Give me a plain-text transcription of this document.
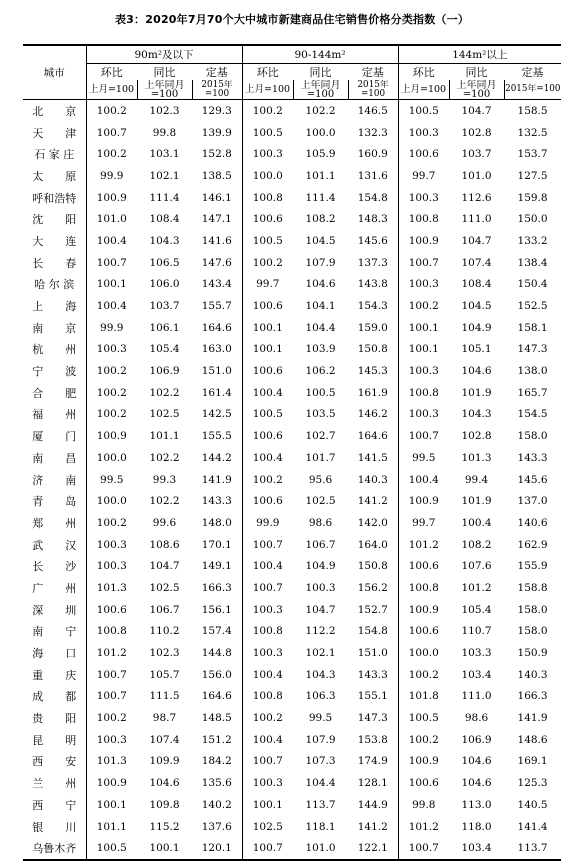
表3：2020年7月70个大中城市新建商品住宅销售价格分类指数（一）
城市	90m²及以下			90-144m²			144m²以上		
	环比	同比	定基	环比	同比	定基	环比	同比	定基
	上月=100	上年同月=100	2015年=100	上月=100	上年同月=100	2015年=100	上月=100	上年同月=100	2015年=100
北　　京	100.2	102.3	129.3	100.2	102.2	146.5	100.5	104.7	158.5
天　　津	100.7	99.8	139.9	100.5	100.0	132.3	100.3	102.8	132.5
石 家 庄	100.2	103.1	152.8	100.3	105.9	160.9	100.6	103.7	153.7
太　　原	99.9	102.1	138.5	100.0	101.1	131.6	99.7	101.0	127.5
呼和浩特	100.9	111.4	146.1	100.8	111.4	154.8	100.3	112.6	159.8
沈　　阳	101.0	108.4	147.1	100.6	108.2	148.3	100.8	111.0	150.0
大　　连	100.4	104.3	141.6	100.5	104.5	145.6	100.9	104.7	133.2
长　　春	100.7	106.5	147.6	100.2	107.9	137.3	100.7	107.4	138.4
哈 尔 滨	100.1	106.0	143.4	99.7	104.6	143.8	100.3	108.4	150.4
上　　海	100.4	103.7	155.7	100.6	104.1	154.3	100.2	104.5	152.5
南　　京	99.9	106.1	164.6	100.1	104.4	159.0	100.1	104.9	158.1
杭　　州	100.3	105.4	163.0	100.1	103.9	150.8	100.1	105.1	147.3
宁　　波	100.2	106.9	151.0	100.6	106.2	145.3	100.3	104.6	138.0
合　　肥	100.2	102.2	161.4	100.4	100.5	161.9	100.8	101.9	165.7
福　　州	100.2	102.5	142.5	100.5	103.5	146.2	100.3	104.3	154.5
厦　　门	100.9	101.1	155.5	100.6	102.7	164.6	100.7	102.8	158.0
南　　昌	100.0	102.2	144.2	100.4	101.7	141.5	99.5	101.3	143.3
济　　南	99.5	99.3	141.9	100.2	95.6	140.3	100.4	99.4	145.6
青　　岛	100.0	102.2	143.3	100.6	102.5	141.2	100.9	101.9	137.0
郑　　州	100.2	99.6	148.0	99.9	98.6	142.0	99.7	100.4	140.6
武　　汉	100.3	108.6	170.1	100.7	106.7	164.0	101.2	108.2	162.9
长　　沙	100.3	104.7	149.1	100.4	104.9	150.8	100.6	107.6	155.9
广　　州	101.3	102.5	166.3	100.7	100.3	156.2	100.8	101.2	158.8
深　　圳	100.6	106.7	156.1	100.3	104.7	152.7	100.9	105.4	158.0
南　　宁	100.8	110.2	157.4	100.8	112.2	154.8	100.6	110.7	158.0
海　　口	101.2	102.3	144.8	100.3	102.1	151.0	100.0	103.3	150.9
重　　庆	100.7	105.7	156.0	100.4	104.3	143.3	100.2	103.4	140.3
成　　都	100.7	111.5	164.6	100.8	106.3	155.1	101.8	111.0	166.3
贵　　阳	100.2	98.7	148.5	100.2	99.5	147.3	100.5	98.6	141.9
昆　　明	100.3	107.4	151.2	100.4	107.9	153.8	100.2	106.9	148.6
西　　安	101.3	109.9	184.2	100.7	107.3	174.9	100.9	104.6	169.1
兰　　州	100.9	104.6	135.6	100.3	104.4	128.1	100.6	104.6	125.3
西　　宁	100.1	109.8	140.2	100.1	113.7	144.9	99.8	113.0	140.5
银　　川	101.1	115.2	137.6	102.5	118.1	141.2	101.2	118.0	141.4
乌鲁木齐	100.5	100.1	120.1	100.7	101.0	122.1	100.7	103.4	113.7
